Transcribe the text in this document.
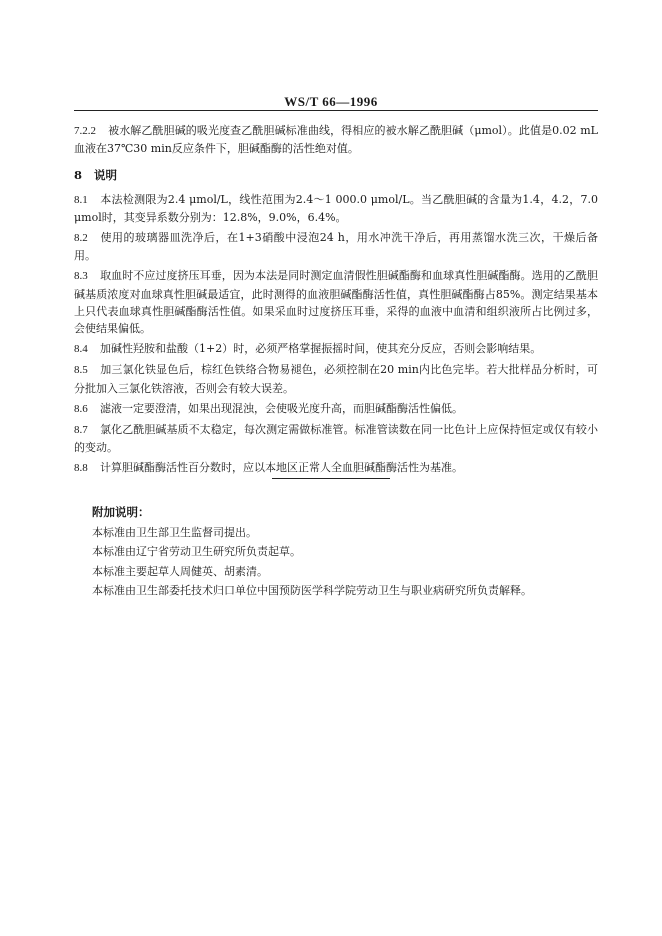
WS/T 66—1996

7.2.2 被水解乙酰胆碱的吸光度查乙酰胆碱标准曲线，得相应的被水解乙酰胆碱（μmol）。此值是0.02 mL血液在37℃30 min反应条件下，胆碱酯酶的活性绝对值。

8 说明

8.1 本法检测限为2.4 μmol/L，线性范围为2.4～1 000.0 μmol/L。当乙酰胆碱的含量为1.4，4.2，7.0 μmol时，其变异系数分别为：12.8%，9.0%，6.4%。

8.2 使用的玻璃器皿洗净后，在1+3硝酸中浸泡24 h，用水冲洗干净后，再用蒸馏水洗三次，干燥后备用。

8.3 取血时不应过度挤压耳垂，因为本法是同时测定血清假性胆碱酯酶和血球真性胆碱酯酶。选用的乙酰胆碱基质浓度对血球真性胆碱最适宜，此时测得的血液胆碱酯酶活性值，真性胆碱酯酶占85%。测定结果基本上只代表血球真性胆碱酯酶活性值。如果采血时过度挤压耳垂，采得的血液中血清和组织液所占比例过多，会使结果偏低。

8.4 加碱性羟胺和盐酸（1+2）时，必须严格掌握振摇时间，使其充分反应，否则会影响结果。

8.5 加三氯化铁显色后，棕红色铁络合物易褪色，必须控制在20 min内比色完毕。若大批样品分析时，可分批加入三氯化铁溶液，否则会有较大误差。

8.6 滤液一定要澄清，如果出现混浊，会使吸光度升高，而胆碱酯酶活性偏低。

8.7 氯化乙酰胆碱基质不太稳定，每次测定需做标准管。标准管读数在同一比色计上应保持恒定或仅有较小的变动。

8.8 计算胆碱酯酶活性百分数时，应以本地区正常人全血胆碱酯酶活性为基准。

附加说明：
本标准由卫生部卫生监督司提出。
本标准由辽宁省劳动卫生研究所负责起草。
本标准主要起草人周健英、胡素清。
本标准由卫生部委托技术归口单位中国预防医学科学院劳动卫生与职业病研究所负责解释。
